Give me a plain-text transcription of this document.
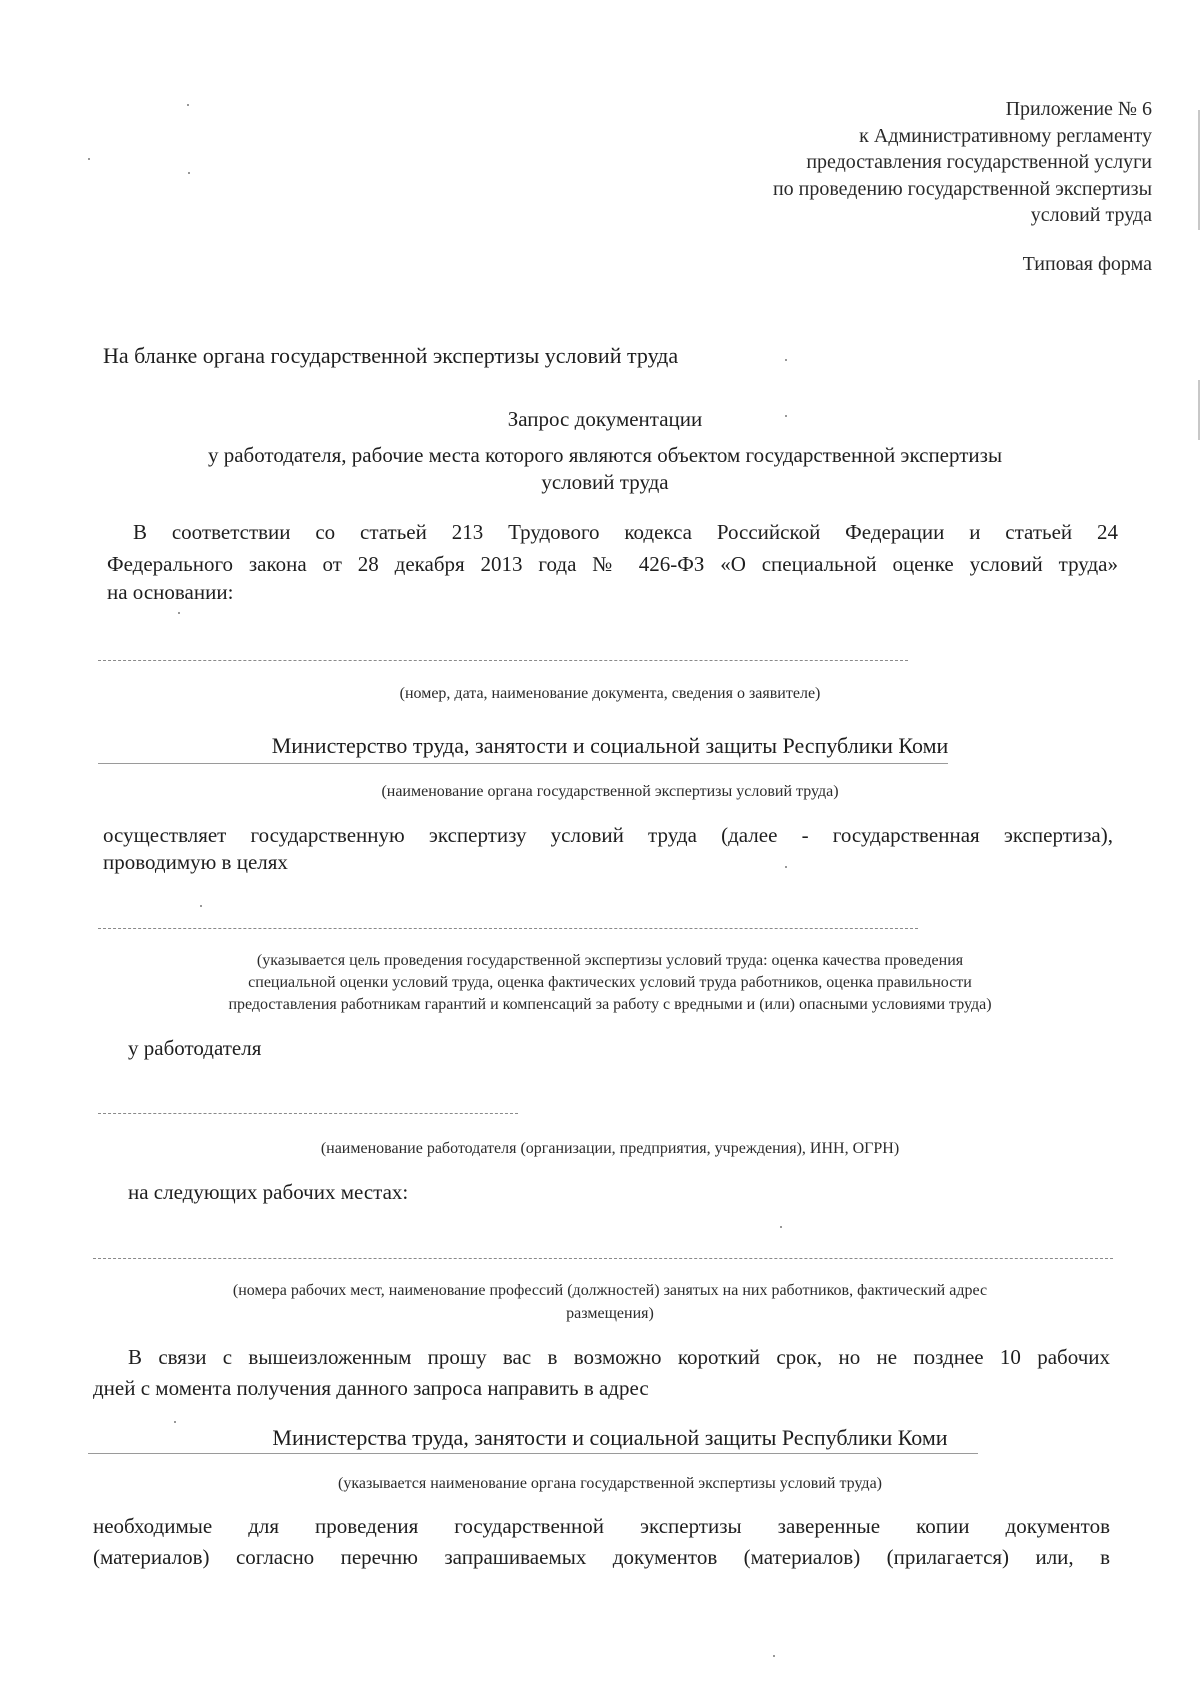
Приложение № 6
к Административному регламенту
предоставления государственной услуги
по проведению государственной экспертизы
условий труда
Типовая форма
На бланке органа государственной экспертизы условий труда
Запрос документации
у работодателя, рабочие места которого являются объектом государственной экспертизы
условий труда
В соответствии со статьей 213 Трудового кодекса Российской Федерации и статьей 24
Федерального закона от 28 декабря 2013 года № 426-ФЗ «О специальной оценке условий труда»
на основании:
(номер, дата, наименование документа, сведения о заявителе)
Министерство труда, занятости и социальной защиты Республики Коми
(наименование органа государственной экспертизы условий труда)
осуществляет государственную экспертизу условий труда (далее - государственная экспертиза),
проводимую в целях
(указывается цель проведения государственной экспертизы условий труда: оценка качества проведения
специальной оценки условий труда, оценка фактических условий труда работников, оценка правильности
предоставления работникам гарантий и компенсаций за работу с вредными и (или) опасными условиями труда)
у работодателя
(наименование работодателя (организации, предприятия, учреждения), ИНН, ОГРН)
на следующих рабочих местах:
(номера рабочих мест, наименование профессий (должностей) занятых на них работников, фактический адрес
размещения)
В связи с вышеизложенным прошу вас в возможно короткий срок, но не позднее 10 рабочих
дней с момента получения данного запроса направить в адрес
Министерства труда, занятости и социальной защиты Республики Коми
(указывается наименование органа государственной экспертизы условий труда)
необходимые для проведения государственной экспертизы заверенные копии документов
(материалов) согласно перечню запрашиваемых документов (материалов) (прилагается) или, в
